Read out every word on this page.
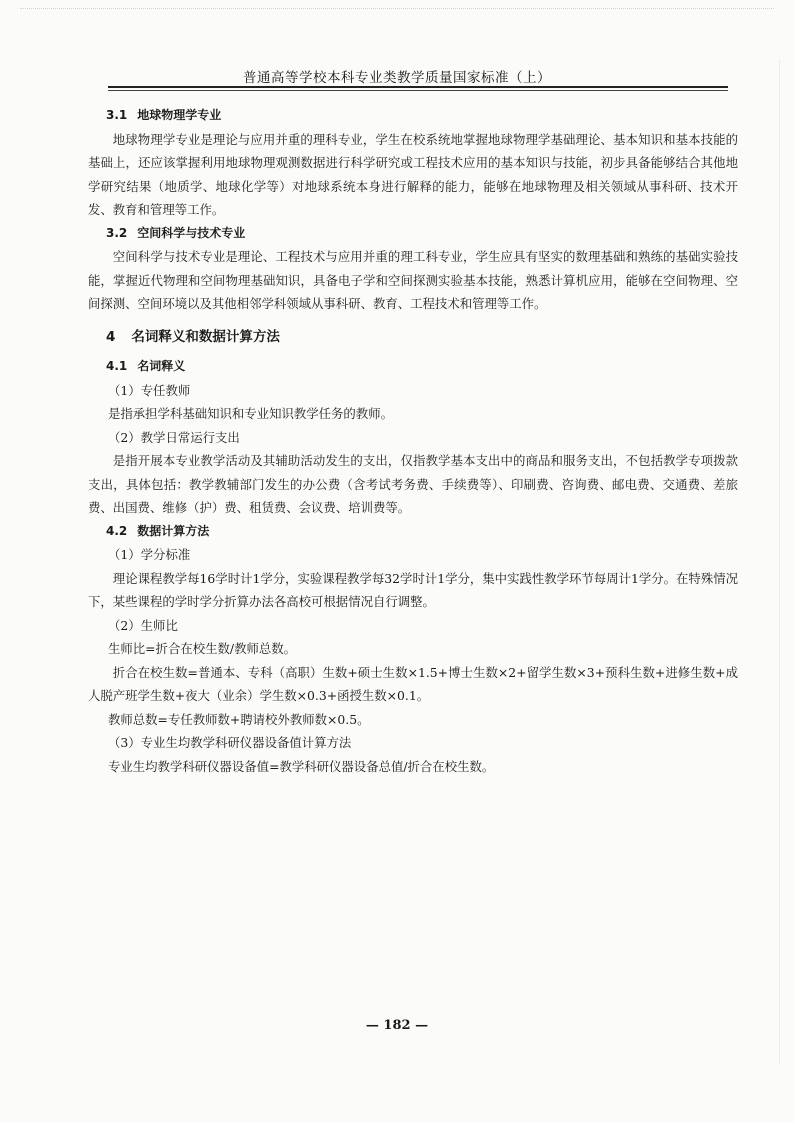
普通高等学校本科专业类教学质量国家标准（上）
3.1 地球物理学专业

地球物理学专业是理论与应用并重的理科专业，学生在校系统地掌握地球物理学基础理论、基本知识和基本技能的基础上，还应该掌握利用地球物理观测数据进行科学研究或工程技术应用的基本知识与技能，初步具备能够结合其他地学研究结果（地质学、地球化学等）对地球系统本身进行解释的能力，能够在地球物理及相关领域从事科研、技术开发、教育和管理等工作。

3.2 空间科学与技术专业

空间科学与技术专业是理论、工程技术与应用并重的理工科专业，学生应具有坚实的数理基础和熟练的基础实验技能，掌握近代物理和空间物理基础知识，具备电子学和空间探测实验基本技能，熟悉计算机应用，能够在空间物理、空间探测、空间环境以及其他相邻学科领域从事科研、教育、工程技术和管理等工作。

4 名词释义和数据计算方法
4.1 名词释义

（1）专任教师

是指承担学科基础知识和专业知识教学任务的教师。

（2）教学日常运行支出

是指开展本专业教学活动及其辅助活动发生的支出，仅指教学基本支出中的商品和服务支出，不包括教学专项拨款支出，具体包括：教学教辅部门发生的办公费（含考试考务费、手续费等）、印刷费、咨询费、邮电费、交通费、差旅费、出国费、维修（护）费、租赁费、会议费、培训费等。

4.2 数据计算方法

（1）学分标准

理论课程教学每16学时计1学分，实验课程教学每32学时计1学分，集中实践性教学环节每周计1学分。在特殊情况下，某些课程的学时学分折算办法各高校可根据情况自行调整。

（2）生师比

生师比=折合在校生数/教师总数。

折合在校生数=普通本、专科（高职）生数+硕士生数×1.5+博士生数×2+留学生数×3+预科生数+进修生数+成人脱产班学生数+夜大（业余）学生数×0.3+函授生数×0.1。

教师总数=专任教师数+聘请校外教师数×0.5。

（3）专业生均教学科研仪器设备值计算方法

专业生均教学科研仪器设备值=教学科研仪器设备总值/折合在校生数。

— 182 —
